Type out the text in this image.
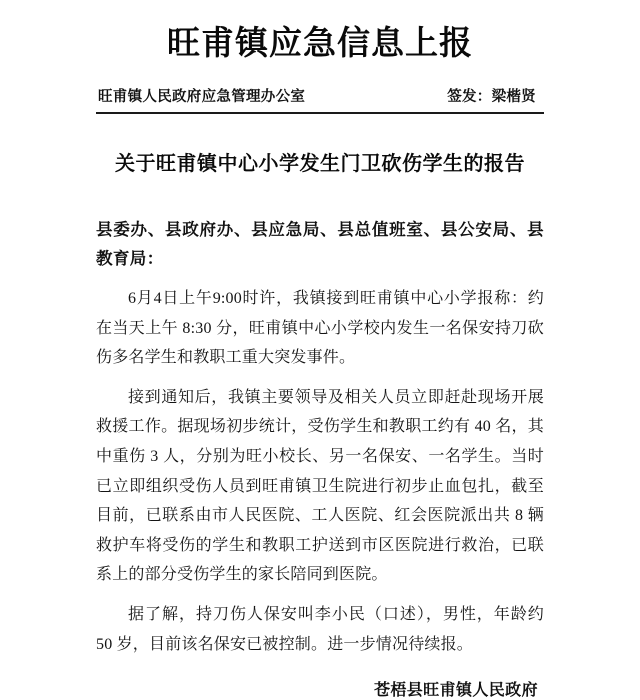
旺甫镇应急信息上报
旺甫镇人民政府应急管理办公室	签发：梁楷贤
关于旺甫镇中心小学发生门卫砍伤学生的报告
县委办、县政府办、县应急局、县总值班室、县公安局、县教育局：
6月4日上午9:00时许，我镇接到旺甫镇中心小学报称：约在当天上午 8:30 分，旺甫镇中心小学校内发生一名保安持刀砍伤多名学生和教职工重大突发事件。
接到通知后，我镇主要领导及相关人员立即赶赴现场开展救援工作。据现场初步统计，受伤学生和教职工约有 40 名，其中重伤 3 人，分别为旺小校长、另一名保安、一名学生。当时已立即组织受伤人员到旺甫镇卫生院进行初步止血包扎，截至目前，已联系由市人民医院、工人医院、红会医院派出共 8 辆救护车将受伤的学生和教职工护送到市区医院进行救治，已联系上的部分受伤学生的家长陪同到医院。
据了解，持刀伤人保安叫李小民（口述），男性，年龄约 50 岁，目前该名保安已被控制。进一步情况待续报。
苍梧县旺甫镇人民政府
